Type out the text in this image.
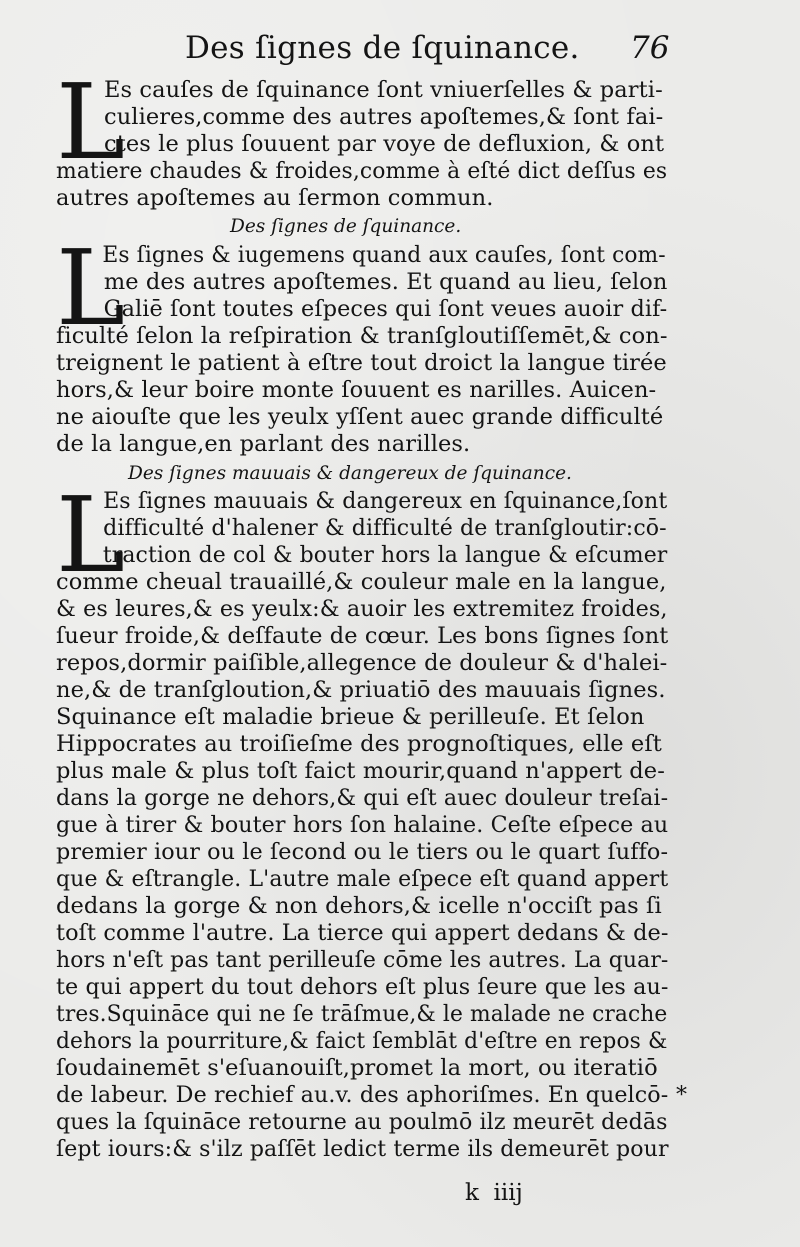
Des ſignes de ſquinance. 76
L
Es cauſes de ſquinance ſont vniuerſelles & parti-
culieres,comme des autres apoſtemes,& ſont fai-
ctes le plus ſouuent par voye de defluxion, & ont
matiere chaudes & froides,comme à eſté dict deſſus es
autres apoſtemes au ſermon commun.
Des ſignes de ſquinance.
L
Es ſignes & iugemens quand aux cauſes, ſont com-
me des autres apoſtemes. Et quand au lieu, ſelon
Galiē ſont toutes eſpeces qui ſont veues auoir dif-
ficulté ſelon la reſpiration & tranſgloutiſſemēt,& con-
treignent le patient à eſtre tout droict la langue tirée
hors,& leur boire monte ſouuent es narilles. Auicen-
ne aiouſte que les yeulx yſſent auec grande difficulté
de la langue,en parlant des narilles.
Des ſignes mauuais & dangereux de ſquinance.
L
Es ſignes mauuais & dangereux en ſquinance,ſont
difficulté d'halener & difficulté de tranſgloutir:cō-
traction de col & bouter hors la langue & eſcumer
comme cheual trauaillé,& couleur male en la langue,
& es leures,& es yeulx:& auoir les extremitez froides,
ſueur froide,& deſfaute de cœur. Les bons ſignes ſont
repos,dormir paiſible,allegence de douleur & d'halei-
ne,& de tranſgloution,& priuatiō des mauuais ſignes.
Squinance eſt maladie brieue & perilleuſe. Et ſelon
Hippocrates au troiſieſme des prognoſtiques, elle eſt
plus male & plus toſt faict mourir,quand n'appert de-
dans la gorge ne dehors,& qui eſt auec douleur treſai-
gue à tirer & bouter hors ſon halaine. Ceſte eſpece au
premier iour ou le ſecond ou le tiers ou le quart ſuffo-
que & eſtrangle. L'autre male eſpece eſt quand appert
dedans la gorge & non dehors,& icelle n'occiſt pas ſi
toſt comme l'autre. La tierce qui appert dedans & de-
hors n'eſt pas tant perilleuſe cōme les autres. La quar-
te qui appert du tout dehors eſt plus ſeure que les au-
tres.Squināce qui ne ſe trāſmue,& le malade ne crache
dehors la pourriture,& faict ſemblāt d'eſtre en repos &
ſoudainemēt s'eſuanouiſt,promet la mort, ou iteratiō
de labeur. De rechief au.v. des aphoriſmes. En quelcō-
ques la ſquināce retourne au poulmō ilz meurēt dedās
ſept iours:& s'ilz paſſēt ledict terme ils demeurēt pour
*
k  iiij
